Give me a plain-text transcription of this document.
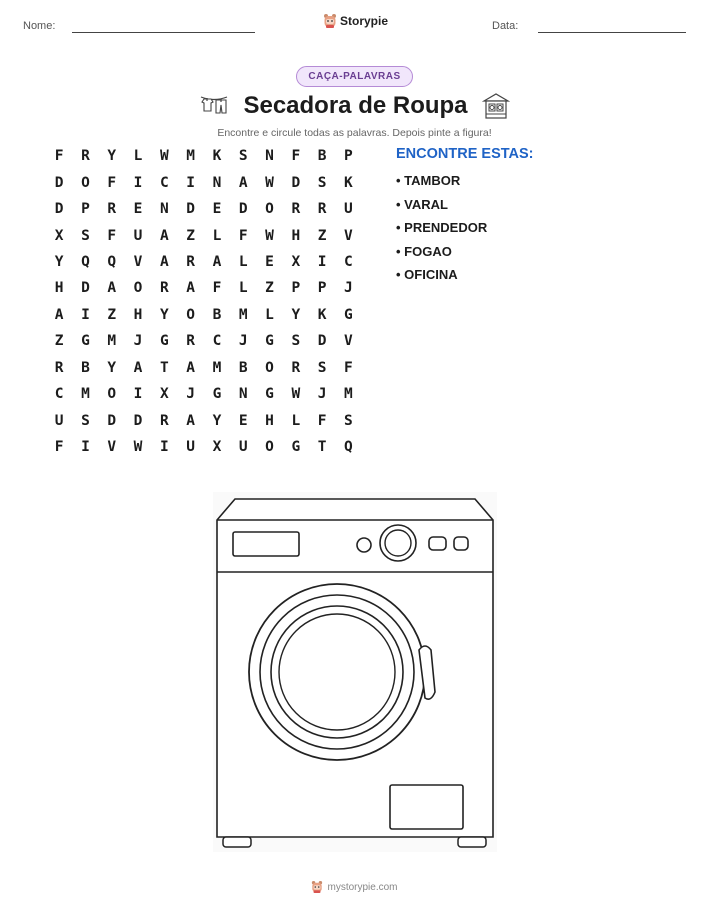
Nome:	Storypie	Data:
CAÇA-PALAVRAS
Secadora de Roupa
Encontre e circule todas as palavras. Depois pinte a figura!
F	R	Y	L	W	M	K	S	N	F	B	P
D	O	F	I	C	I	N	A	W	D	S	K
D	P	R	E	N	D	E	D	O	R	R	U
X	S	F	U	A	Z	L	F	W	H	Z	V
Y	Q	Q	V	A	R	A	L	E	X	I	C
H	D	A	O	R	A	F	L	Z	P	P	J
A	I	Z	H	Y	O	B	M	L	Y	K	G
Z	G	M	J	G	R	C	J	G	S	D	V
R	B	Y	A	T	A	M	B	O	R	S	F
C	M	O	I	X	J	G	N	G	W	J	M
U	S	D	D	R	A	Y	E	H	L	F	S
F	I	V	W	I	U	X	U	O	G	T	Q
ENCONTRE ESTAS:
• TAMBOR
• VARAL
• PRENDEDOR
• FOGAO
• OFICINA
mystorypie.com
